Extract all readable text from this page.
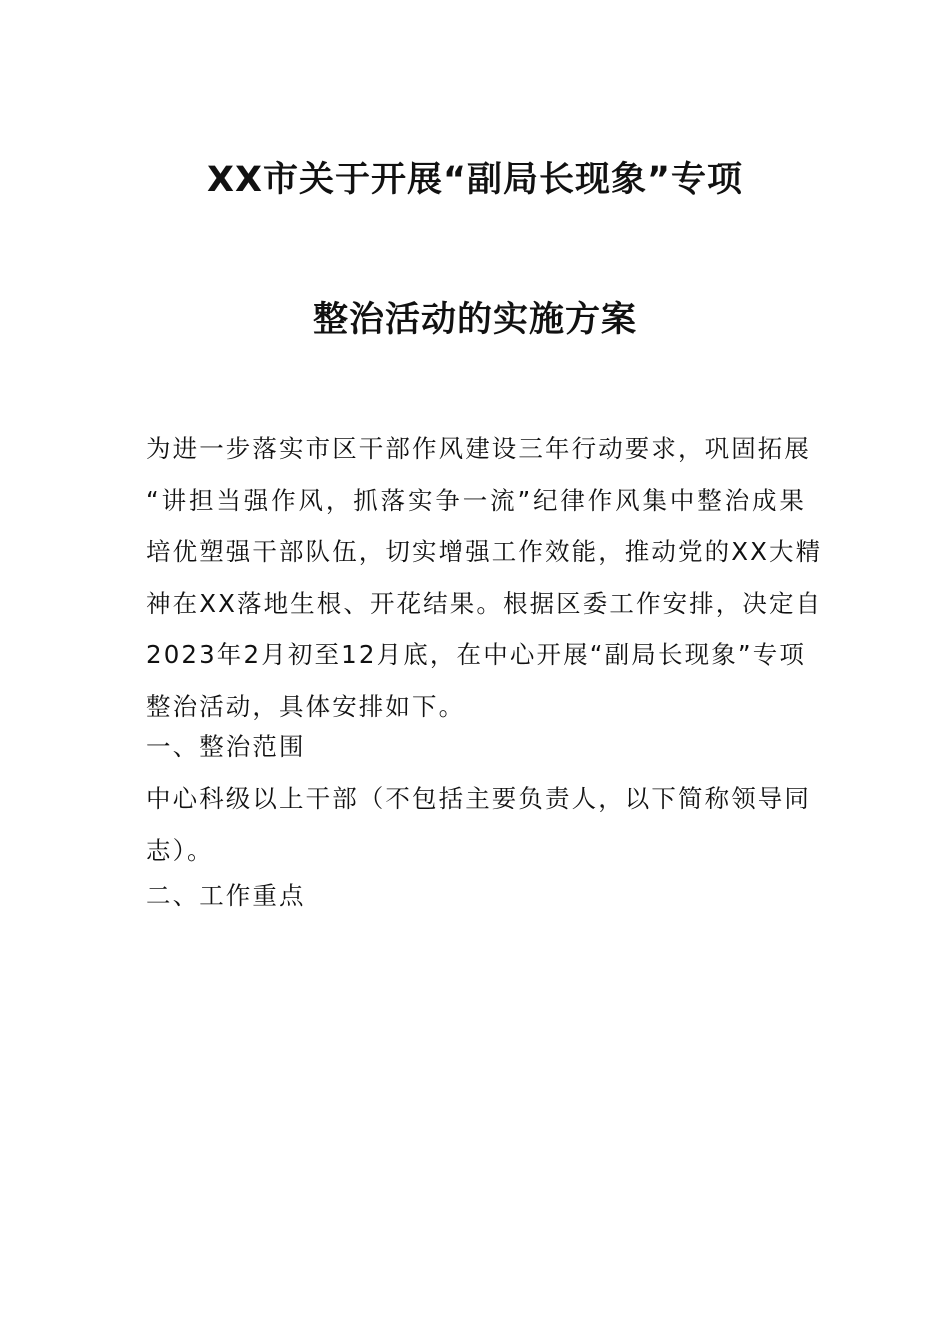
XX市关于开展“副局长现象”专项
整治活动的实施方案
为进一步落实市区干部作风建设三年行动要求，巩固拓展
“讲担当强作风，抓落实争一流”纪律作风集中整治成果
培优塑强干部队伍，切实增强工作效能，推动党的XX大精
神在XX落地生根、开花结果。根据区委工作安排，决定自
2023年2月初至12月底，在中心开展“副局长现象”专项
整治活动，具体安排如下。
一、整治范围
中心科级以上干部（不包括主要负责人，以下简称领导同
志）。
二、工作重点
